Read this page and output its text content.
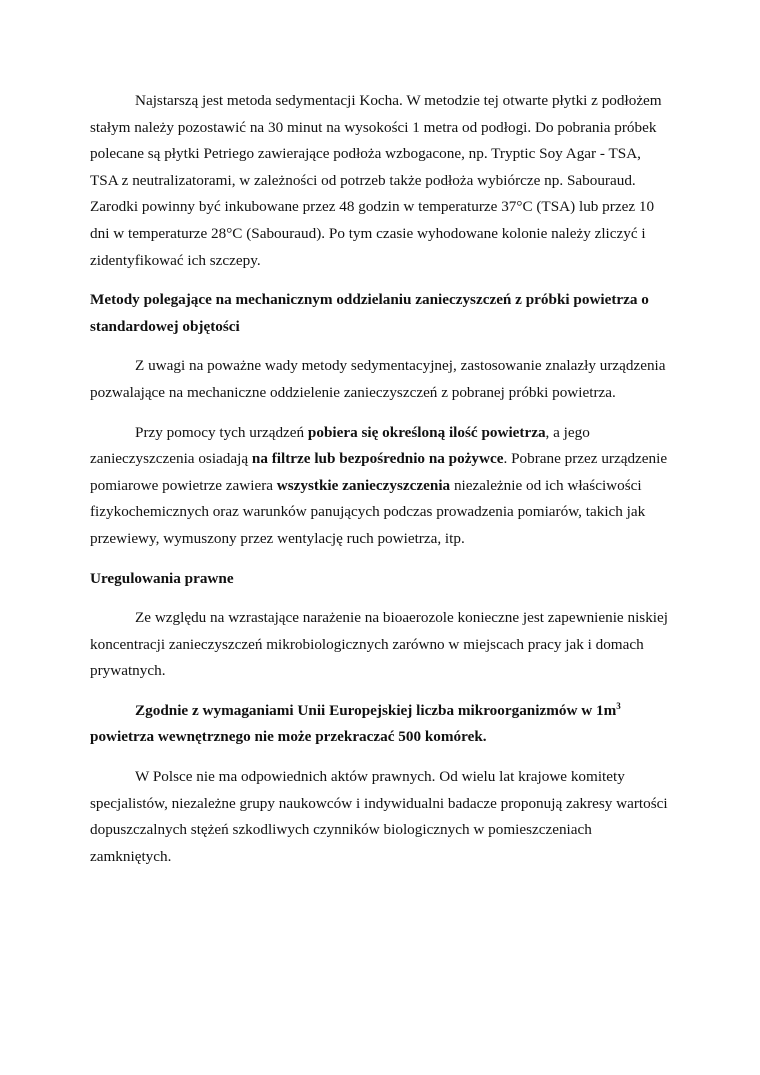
Najstarszą jest metoda sedymentacji Kocha. W metodzie tej otwarte płytki z podłożem stałym należy pozostawić na 30 minut na wysokości 1 metra od podłogi. Do pobrania próbek polecane są płytki Petriego zawierające podłoża wzbogacone, np. Tryptic Soy Agar - TSA, TSA z neutralizatorami, w zależności od potrzeb także podłoża wybiórcze np. Sabouraud. Zarodki powinny być inkubowane przez 48 godzin w temperaturze 37°C (TSA) lub przez 10 dni w temperaturze 28°C (Sabouraud). Po tym czasie wyhodowane kolonie należy zliczyć i zidentyfikować ich szczepy.

Metody polegające na mechanicznym oddzielaniu zanieczyszczeń z próbki powietrza o standardowej objętości

Z uwagi na poważne wady metody sedymentacyjnej, zastosowanie znalazły urządzenia pozwalające na mechaniczne oddzielenie zanieczyszczeń z pobranej próbki powietrza.

Przy pomocy tych urządzeń pobiera się określoną ilość powietrza, a jego zanieczyszczenia osiadają na filtrze lub bezpośrednio na pożywce. Pobrane przez urządzenie pomiarowe powietrze zawiera wszystkie zanieczyszczenia niezależnie od ich właściwości fizykochemicznych oraz warunków panujących podczas prowadzenia pomiarów, takich jak przewiewy, wymuszony przez wentylację ruch powietrza, itp.

Uregulowania prawne

Ze względu na wzrastające narażenie na bioaerozole konieczne jest zapewnienie niskiej koncentracji zanieczyszczeń mikrobiologicznych zarówno w miejscach pracy jak i domach prywatnych.

Zgodnie z wymaganiami Unii Europejskiej liczba mikroorganizmów w $1m^3$ powietrza wewnętrznego nie może przekraczać 500 komórek.

W Polsce nie ma odpowiednich aktów prawnych. Od wielu lat krajowe komitety specjalistów, niezależne grupy naukowców i indywidualni badacze proponują zakresy wartości dopuszczalnych stężeń szkodliwych czynników biologicznych w pomieszczeniach zamkniętych.
